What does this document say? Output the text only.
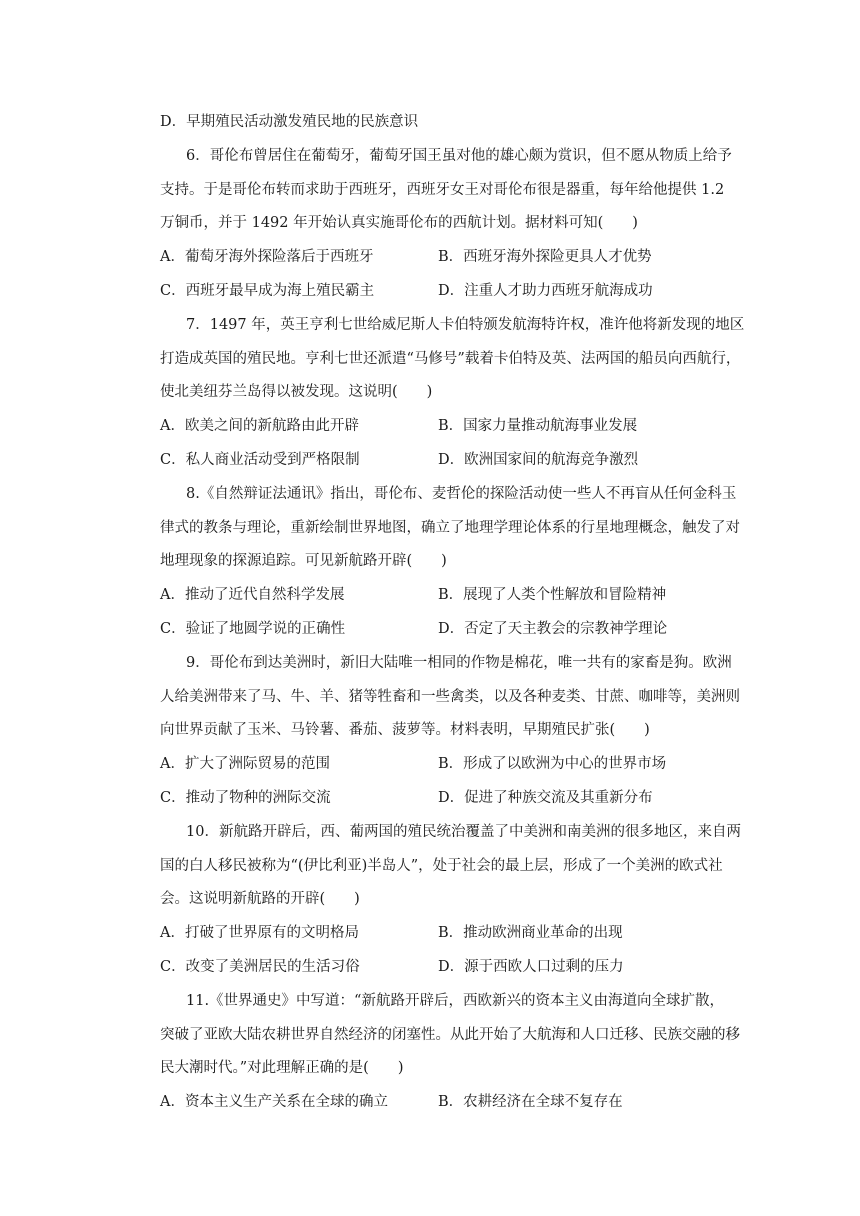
D．早期殖民活动激发殖民地的民族意识
6．哥伦布曾居住在葡萄牙，葡萄牙国王虽对他的雄心颇为赏识，但不愿从物质上给予
支持。于是哥伦布转而求助于西班牙，西班牙女王对哥伦布很是器重，每年给他提供 1.2
万铜币，并于 1492 年开始认真实施哥伦布的西航计划。据材料可知(　　)
A．葡萄牙海外探险落后于西班牙	B．西班牙海外探险更具人才优势
C．西班牙最早成为海上殖民霸主	D．注重人才助力西班牙航海成功
7．1497 年，英王亨利七世给威尼斯人卡伯特颁发航海特许权，准许他将新发现的地区
打造成英国的殖民地。亨利七世还派遣“马修号”载着卡伯特及英、法两国的船员向西航行，
使北美纽芬兰岛得以被发现。这说明(　　)
A．欧美之间的新航路由此开辟	B．国家力量推动航海事业发展
C．私人商业活动受到严格限制	D．欧洲国家间的航海竞争激烈
8.《自然辩证法通讯》指出，哥伦布、麦哲伦的探险活动使一些人不再盲从任何金科玉
律式的教条与理论，重新绘制世界地图，确立了地理学理论体系的行星地理概念，触发了对
地理现象的探源追踪。可见新航路开辟(　　)
A．推动了近代自然科学发展	B．展现了人类个性解放和冒险精神
C．验证了地圆学说的正确性	D．否定了天主教会的宗教神学理论
9．哥伦布到达美洲时，新旧大陆唯一相同的作物是棉花，唯一共有的家畜是狗。欧洲
人给美洲带来了马、牛、羊、猪等牲畜和一些禽类，以及各种麦类、甘蔗、咖啡等，美洲则
向世界贡献了玉米、马铃薯、番茄、菠萝等。材料表明，早期殖民扩张(　　)
A．扩大了洲际贸易的范围	B．形成了以欧洲为中心的世界市场
C．推动了物种的洲际交流	D．促进了种族交流及其重新分布
10．新航路开辟后，西、葡两国的殖民统治覆盖了中美洲和南美洲的很多地区，来自两
国的白人移民被称为“(伊比利亚)半岛人”，处于社会的最上层，形成了一个美洲的欧式社
会。这说明新航路的开辟(　　)
A．打破了世界原有的文明格局	B．推动欧洲商业革命的出现
C．改变了美洲居民的生活习俗	D．源于西欧人口过剩的压力
11.《世界通史》中写道：“新航路开辟后，西欧新兴的资本主义由海道向全球扩散，
突破了亚欧大陆农耕世界自然经济的闭塞性。从此开始了大航海和人口迁移、民族交融的移
民大潮时代。”对此理解正确的是(　　)
A．资本主义生产关系在全球的确立	B．农耕经济在全球不复存在
